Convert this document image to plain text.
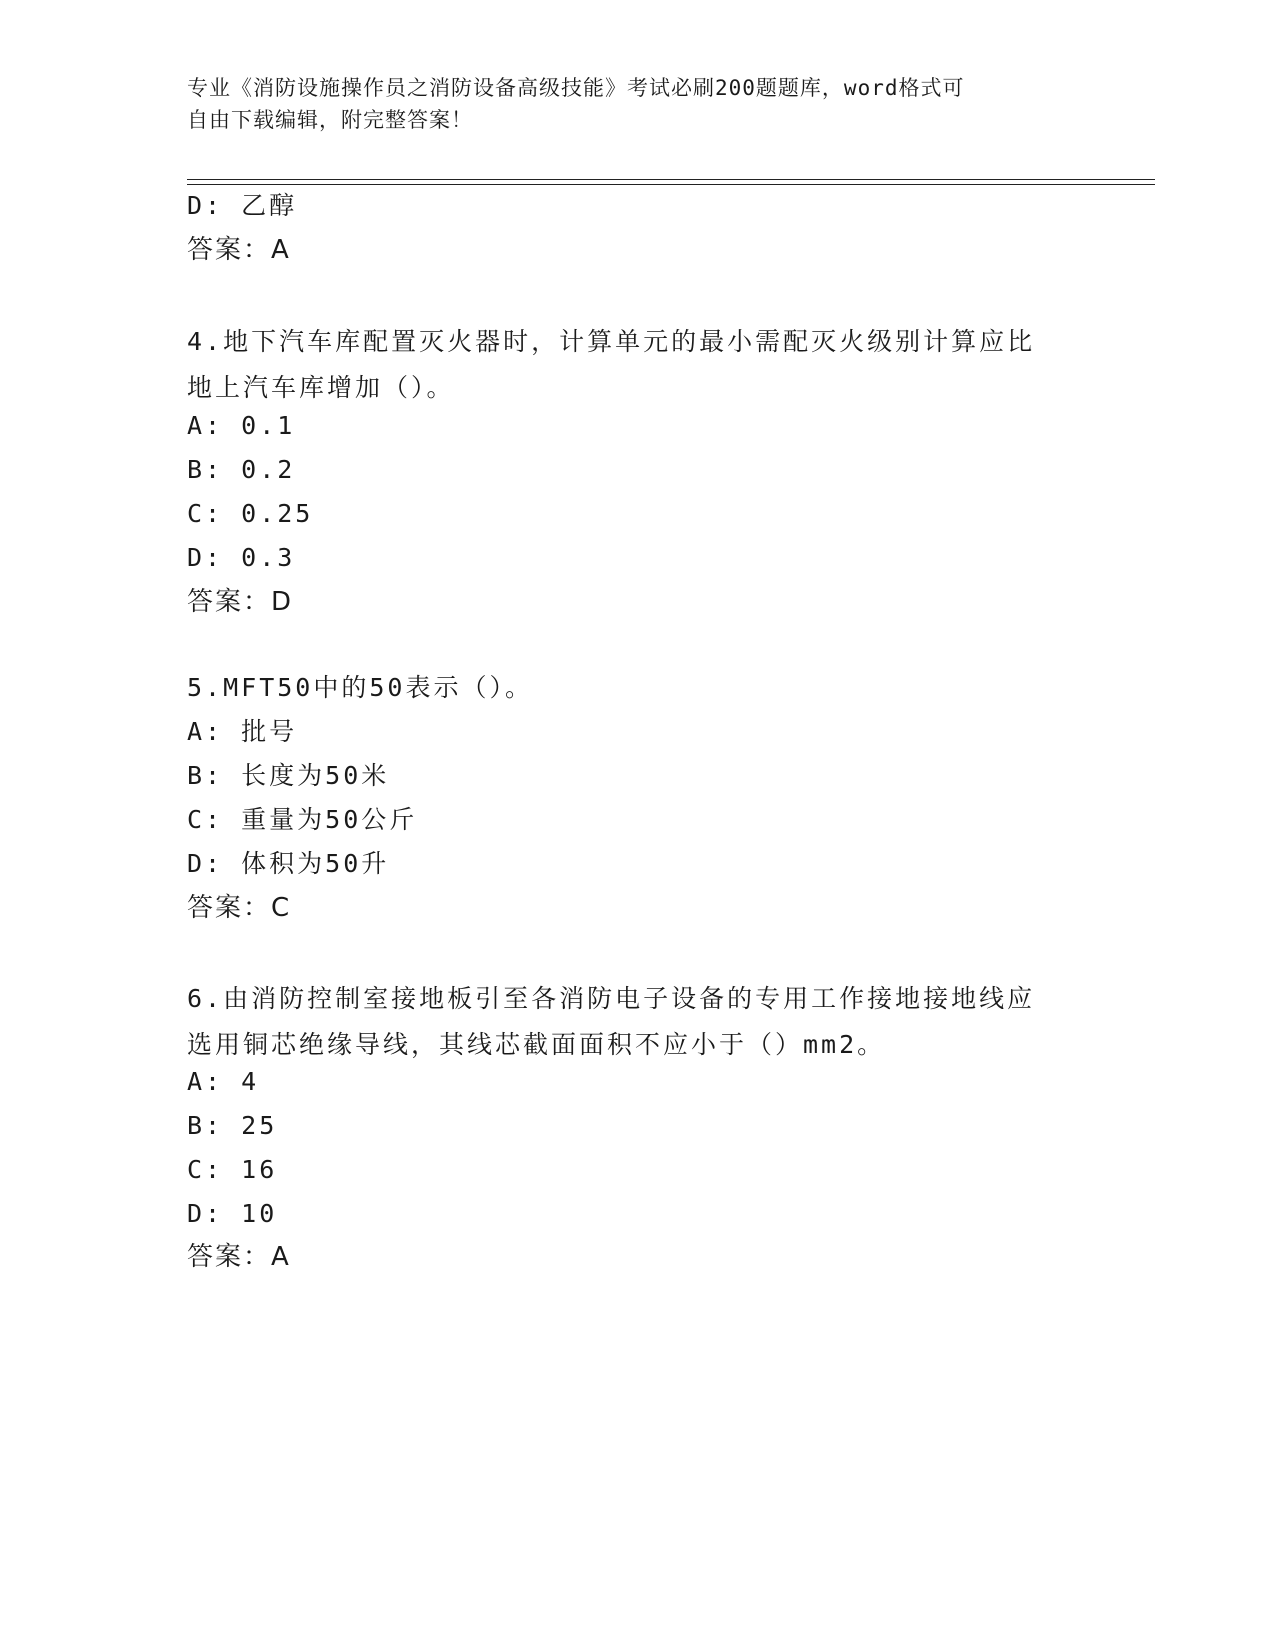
专业《消防设施操作员之消防设备高级技能》考试必刷200题题库，word格式可
自由下载编辑，附完整答案！
D: 乙醇
答案：A
4.地下汽车库配置灭火器时，计算单元的最小需配灭火级别计算应比
地上汽车库增加（）。
A: 0.1
B: 0.2
C: 0.25
D: 0.3
答案：D
5.MFT50中的50表示（）。
A: 批号
B: 长度为50米
C: 重量为50公斤
D: 体积为50升
答案：C
6.由消防控制室接地板引至各消防电子设备的专用工作接地接地线应
选用铜芯绝缘导线，其线芯截面面积不应小于（）mm2。
A: 4
B: 25
C: 16
D: 10
答案：A
